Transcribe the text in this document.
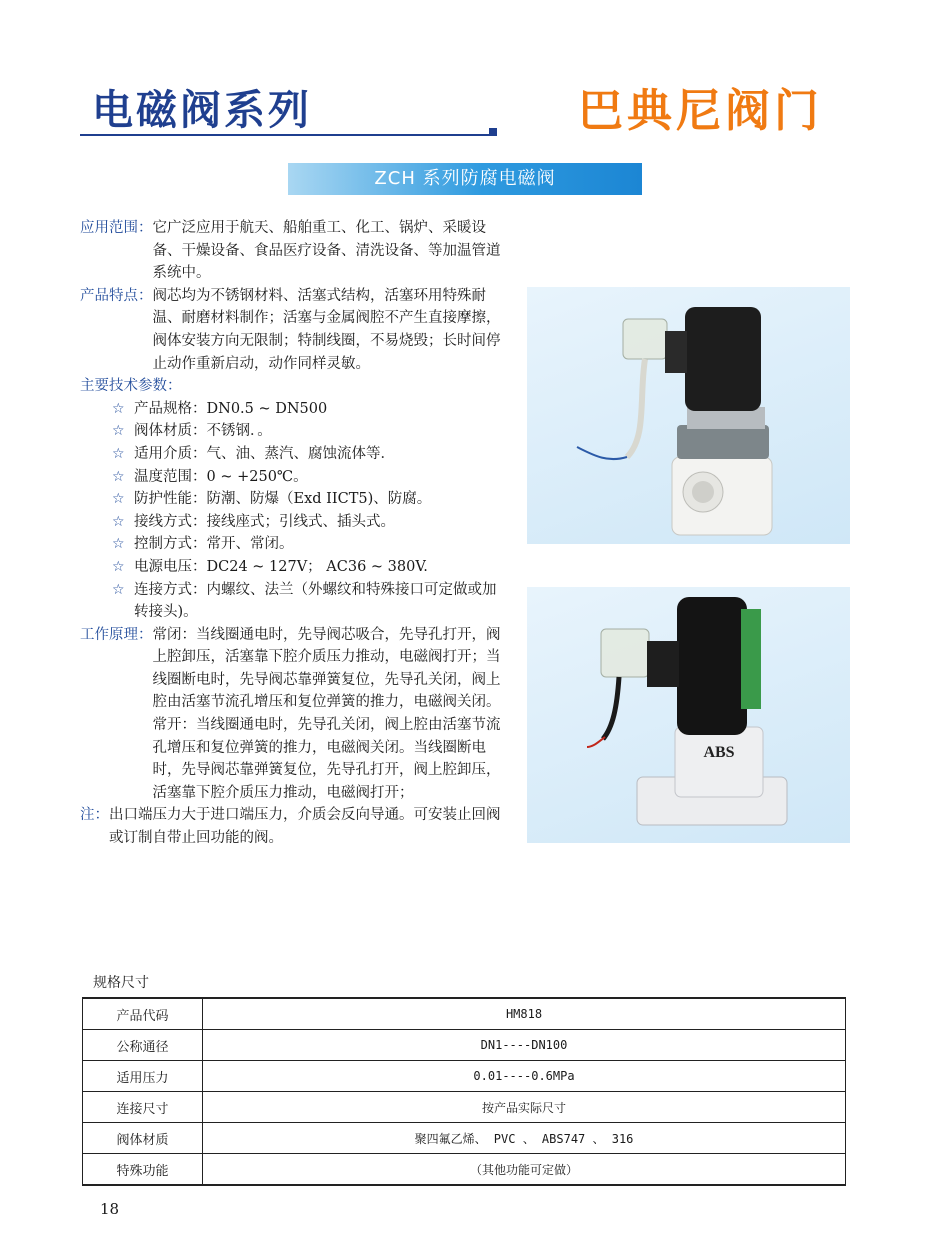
电磁阀系列	巴典尼阀门
ZCH 系列防腐电磁阀
应用范围： 它广泛应用于航天、船舶重工、化工、锅炉、采暖设备、干燥设备、食品医疗设备、清洗设备、等加温管道系统中。
产品特点： 阀芯均为不锈钢材料、活塞式结构，活塞环用特殊耐温、耐磨材料制作；活塞与金属阀腔不产生直接摩擦，阀体安装方向无限制；特制线圈，不易烧毁；长时间停止动作重新启动，动作同样灵敏。
主要技术参数：
☆ 产品规格：DN0.5 ~ DN500
☆ 阀体材质：不锈钢．。
☆ 适用介质：气、油、蒸汽、腐蚀流体等．
☆ 温度范围：0 ~ +250℃。
☆ 防护性能：防潮、防爆（Exd IICT5)、防腐。
☆ 接线方式：接线座式；引线式、插头式。
☆ 控制方式：常开、常闭。
☆ 电源电压：DC24 ~ 127V； AC36 ~ 380V.
☆ 连接方式：内螺纹、法兰（外螺纹和特殊接口可定做或加转接头)。
工作原理： 常闭：当线圈通电时，先导阀芯吸合，先导孔打开，阀上腔卸压，活塞靠下腔介质压力推动，电磁阀打开；当线圈断电时，先导阀芯靠弹簧复位，先导孔关闭，阀上腔由活塞节流孔增压和复位弹簧的推力，电磁阀关闭。

常开：当线圈通电时，先导孔关闭，阀上腔由活塞节流孔增压和复位弹簧的推力，电磁阀关闭。当线圈断电时，先导阀芯靠弹簧复位，先导孔打开，阀上腔卸压，活塞靠下腔介质压力推动，电磁阀打开；

注： 出口端压力大于进口端压力，介质会反向导通。可安装止回阀或订制自带止回功能的阀。
ABS
规格尺寸
产品代码	HM818
公称通径	DN1----DN100
适用压力	0.01----0.6MPa
连接尺寸	按产品实际尺寸
阀体材质	聚四氟乙烯、 PVC 、 ABS747 、 316
特殊功能	（其他功能可定做）
18
